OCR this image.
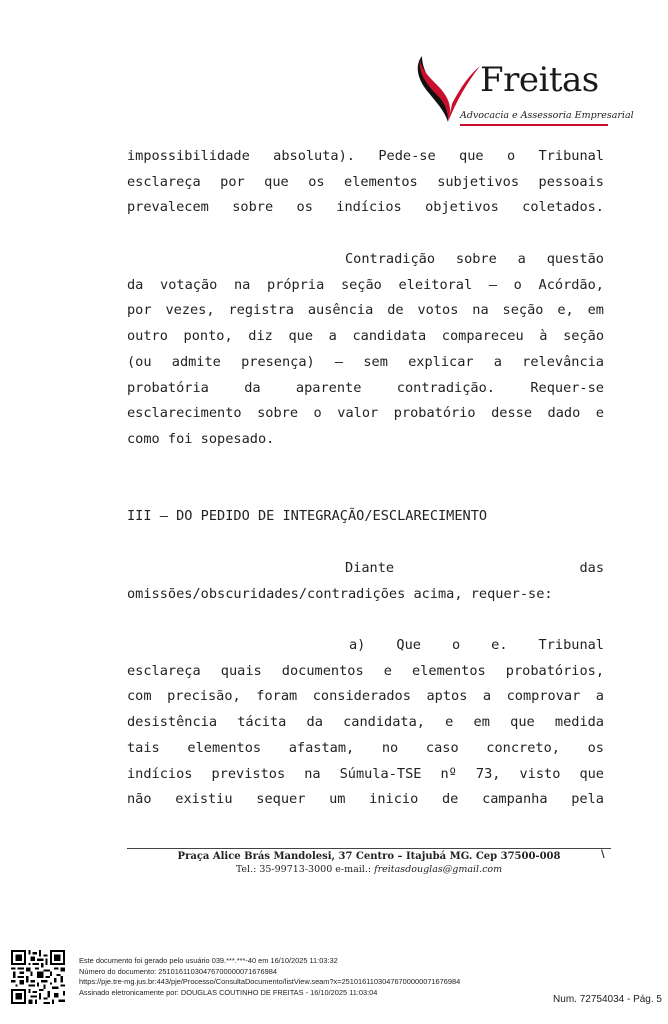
Freitas
Advocacia e Assessoria Empresarial

impossibilidade absoluta). Pede-se que o Tribunal

esclareça por que os elementos subjetivos pessoais

prevalecem sobre os indícios objetivos coletados.

Contradição sobre a questão

da votação na própria seção eleitoral — o Acórdão,

por vezes, registra ausência de votos na seção e, em

outro ponto, diz que a candidata compareceu à seção

(ou admite presença) — sem explicar a relevância

probatória da aparente contradição. Requer-se

esclarecimento sobre o valor probatório desse dado e

como foi sopesado.

III — DO PEDIDO DE INTEGRAÇÃO/ESCLARECIMENTO

Diante das

omissões/obscuridades/contradições acima, requer-se:

a) Que o e. Tribunal

esclareça quais documentos e elementos probatórios,

com precisão, foram considerados aptos a comprovar a

desistência tácita da candidata, e em que medida

tais elementos afastam, no caso concreto, os

indícios previstos na Súmula-TSE nº 73, visto que

não existiu sequer um inicio de campanha pela

Praça Alice Brás Mandolesi, 37 Centro – Itajubá MG. Cep 37500-008	\
Tel.: 35-99713-3000 e-mail.: freitasdouglas@gmail.com
Este documento foi gerado pelo usuário 039.***.***-40 em 16/10/2025 11:03:32
Número do documento: 25101611030476700000071676984
https://pje.tre-mg.jus.br:443/pje/Processo/ConsultaDocumento/listView.seam?x=25101611030476700000071676984
Assinado eletronicamente por: DOUGLAS COUTINHO DE FREITAS - 16/10/2025 11:03:04
Num. 72754034 - Pág. 5
